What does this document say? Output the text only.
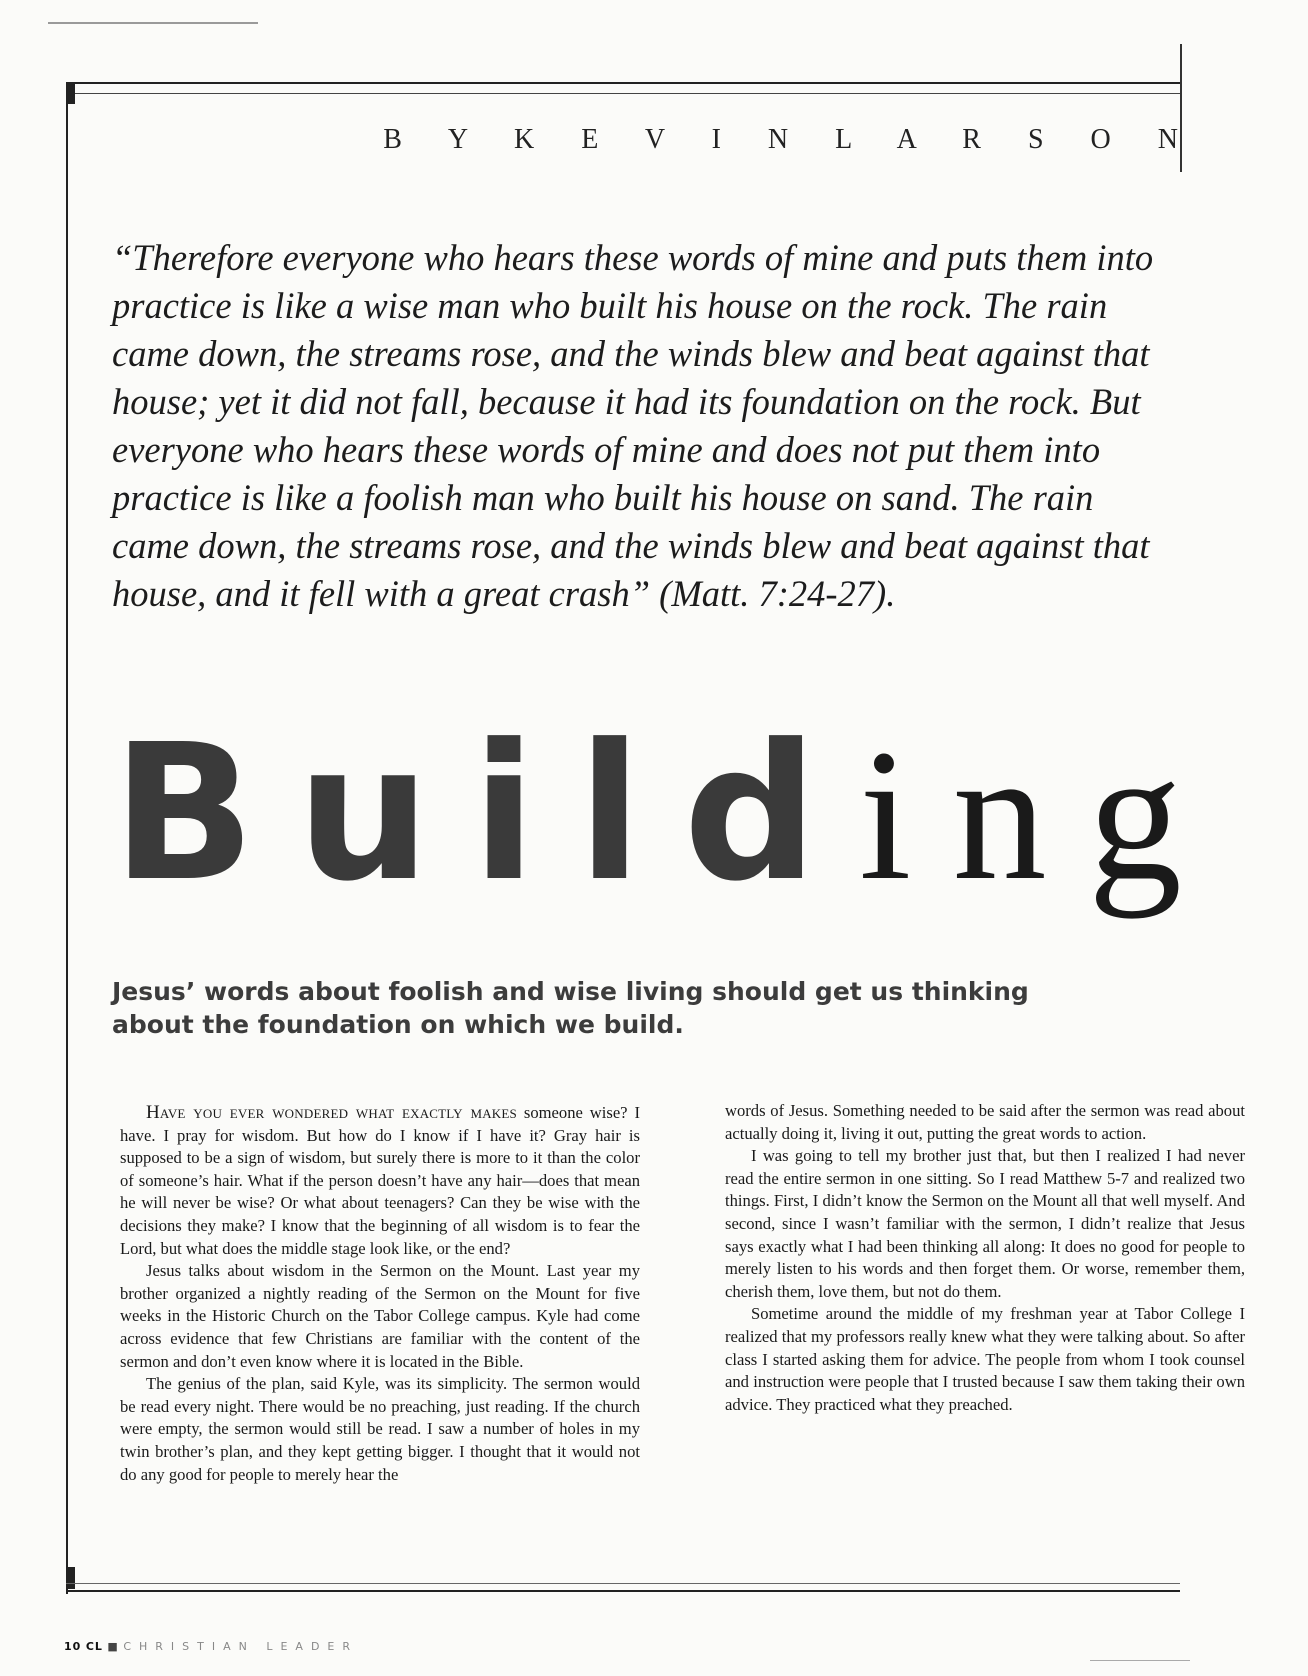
B Y K E V I N L A R S O N

“Therefore everyone who hears these words of mine and puts them into practice is like a wise man who built his house on the rock. The rain came down, the streams rose, and the winds blew and beat against that house; yet it did not fall, because it had its foundation on the rock. But everyone who hears these words of mine and does not put them into practice is like a foolish man who built his house on sand. The rain came down, the streams rose, and the winds blew and beat against that house, and it fell with a great crash” (Matt. 7:24-27).

B u i l d i n g

Jesus’ words about foolish and wise living should get us thinking about the foundation on which we build.

Have you ever wondered what exactly makes someone wise? I have. I pray for wisdom. But how do I know if I have it? Gray hair is supposed to be a sign of wisdom, but surely there is more to it than the color of someone’s hair. What if the person doesn’t have any hair—does that mean he will never be wise? Or what about teenagers? Can they be wise with the decisions they make? I know that the beginning of all wisdom is to fear the Lord, but what does the middle stage look like, or the end?

Jesus talks about wisdom in the Sermon on the Mount. Last year my brother organized a nightly reading of the Sermon on the Mount for five weeks in the Historic Church on the Tabor College campus. Kyle had come across evidence that few Christians are familiar with the content of the sermon and don’t even know where it is located in the Bible.

The genius of the plan, said Kyle, was its simplicity. The sermon would be read every night. There would be no preaching, just reading. If the church were empty, the sermon would still be read. I saw a number of holes in my twin brother’s plan, and they kept getting bigger. I thought that it would not do any good for people to merely hear the

words of Jesus. Something needed to be said after the sermon was read about actually doing it, living it out, putting the great words to action.

I was going to tell my brother just that, but then I realized I had never read the entire sermon in one sitting. So I read Matthew 5-7 and realized two things. First, I didn’t know the Sermon on the Mount all that well myself. And second, since I wasn’t familiar with the sermon, I didn’t realize that Jesus says exactly what I had been thinking all along: It does no good for people to merely listen to his words and then forget them. Or worse, remember them, cherish them, love them, but not do them.

Sometime around the middle of my freshman year at Tabor College I realized that my professors really knew what they were talking about. So after class I started asking them for advice. The people from whom I took counsel and instruction were people that I trusted because I saw them taking their own advice. They practiced what they preached.

10 CL ■ CHRISTIAN LEADER
